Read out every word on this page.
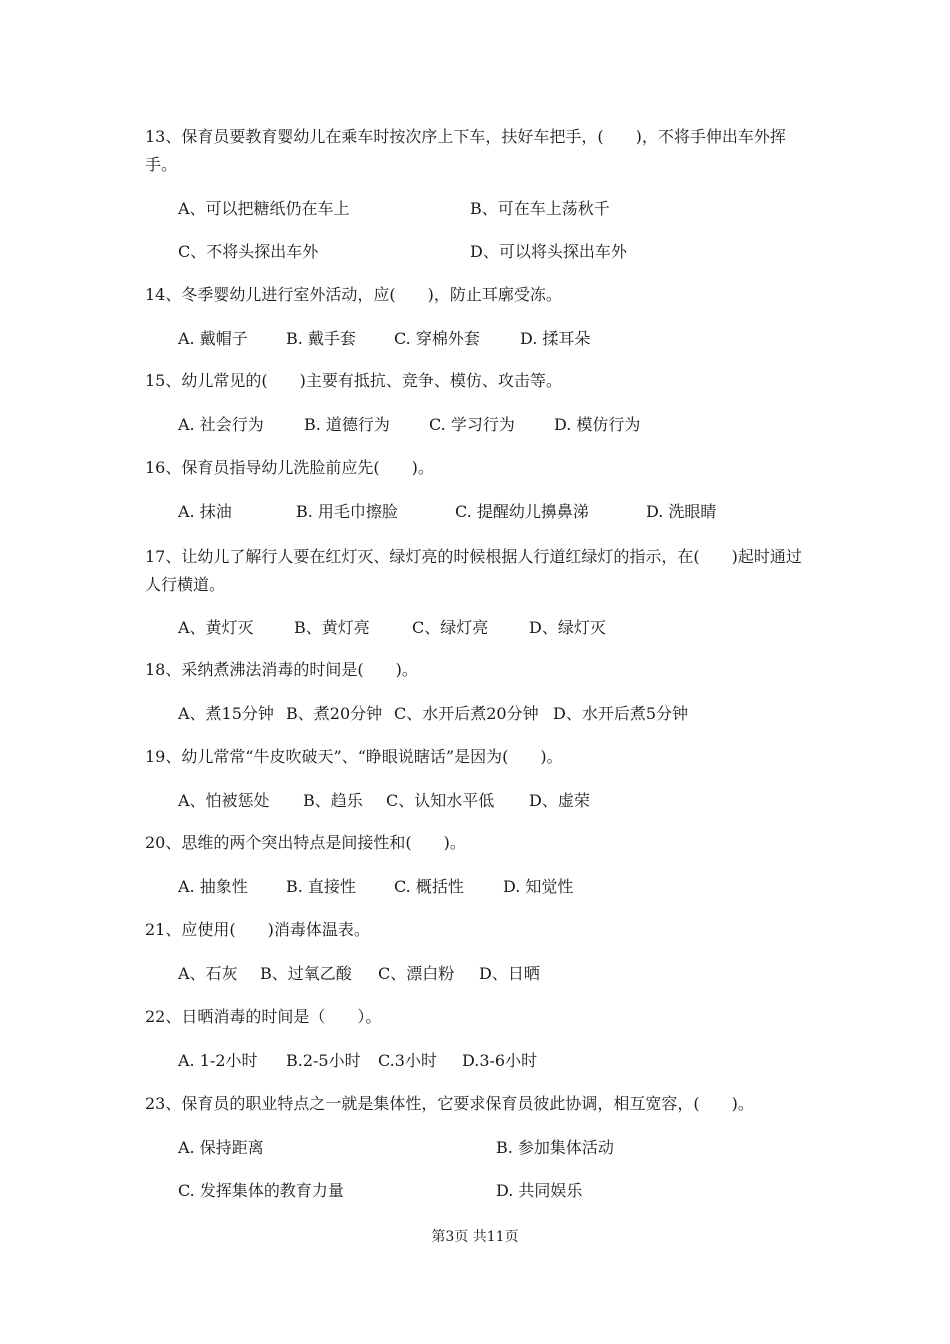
13、保育员要教育婴幼儿在乘车时按次序上下车，扶好车把手，(　　)，不将手伸出车外挥手。
A、可以把糖纸仍在车上	B、可在车上荡秋千
C、不将头探出车外	D、可以将头探出车外
14、冬季婴幼儿进行室外活动，应(　　)，防止耳廓受冻。
A. 戴帽子 B. 戴手套 C. 穿棉外套	D. 揉耳朵
15、幼儿常见的(　　)主要有抵抗、竞争、模仿、攻击等。
A. 社会行为	B. 道德行为 C. 学习行为 D. 模仿行为
16、保育员指导幼儿洗脸前应先(　　)。
A. 抹油	B. 用毛巾擦脸	C. 提醒幼儿擤鼻涕	D. 洗眼睛
17、让幼儿了解行人要在红灯灭、绿灯亮的时候根据人行道红绿灯的指示，在(　　)起时通过人行横道。
A、黄灯灭	B、黄灯亮	C、绿灯亮	D、绿灯灭
18、采纳煮沸法消毒的时间是(　　)。
A、煮15分钟 B、煮20分钟 C、水开后煮20分钟 D、水开后煮5分钟
19、幼儿常常“牛皮吹破天”、“睁眼说瞎话”是因为(　　)。
A、怕被惩处 B、趋乐 C、认知水平低 D、虚荣
20、思维的两个突出特点是间接性和(　　)。
A. 抽象性 B. 直接性 C. 概括性 D. 知觉性
21、应使用(　　)消毒体温表。
A、石灰 B、过氧乙酸 C、漂白粉 D、日晒
22、日晒消毒的时间是（　　）。
A. 1-2小时 B.2-5小时 C.3小时 D.3-6小时
23、保育员的职业特点之一就是集体性，它要求保育员彼此协调，相互宽容，(　　)。
A. 保持距离	B. 参加集体活动
C. 发挥集体的教育力量	D. 共同娱乐
第3页 共11页
